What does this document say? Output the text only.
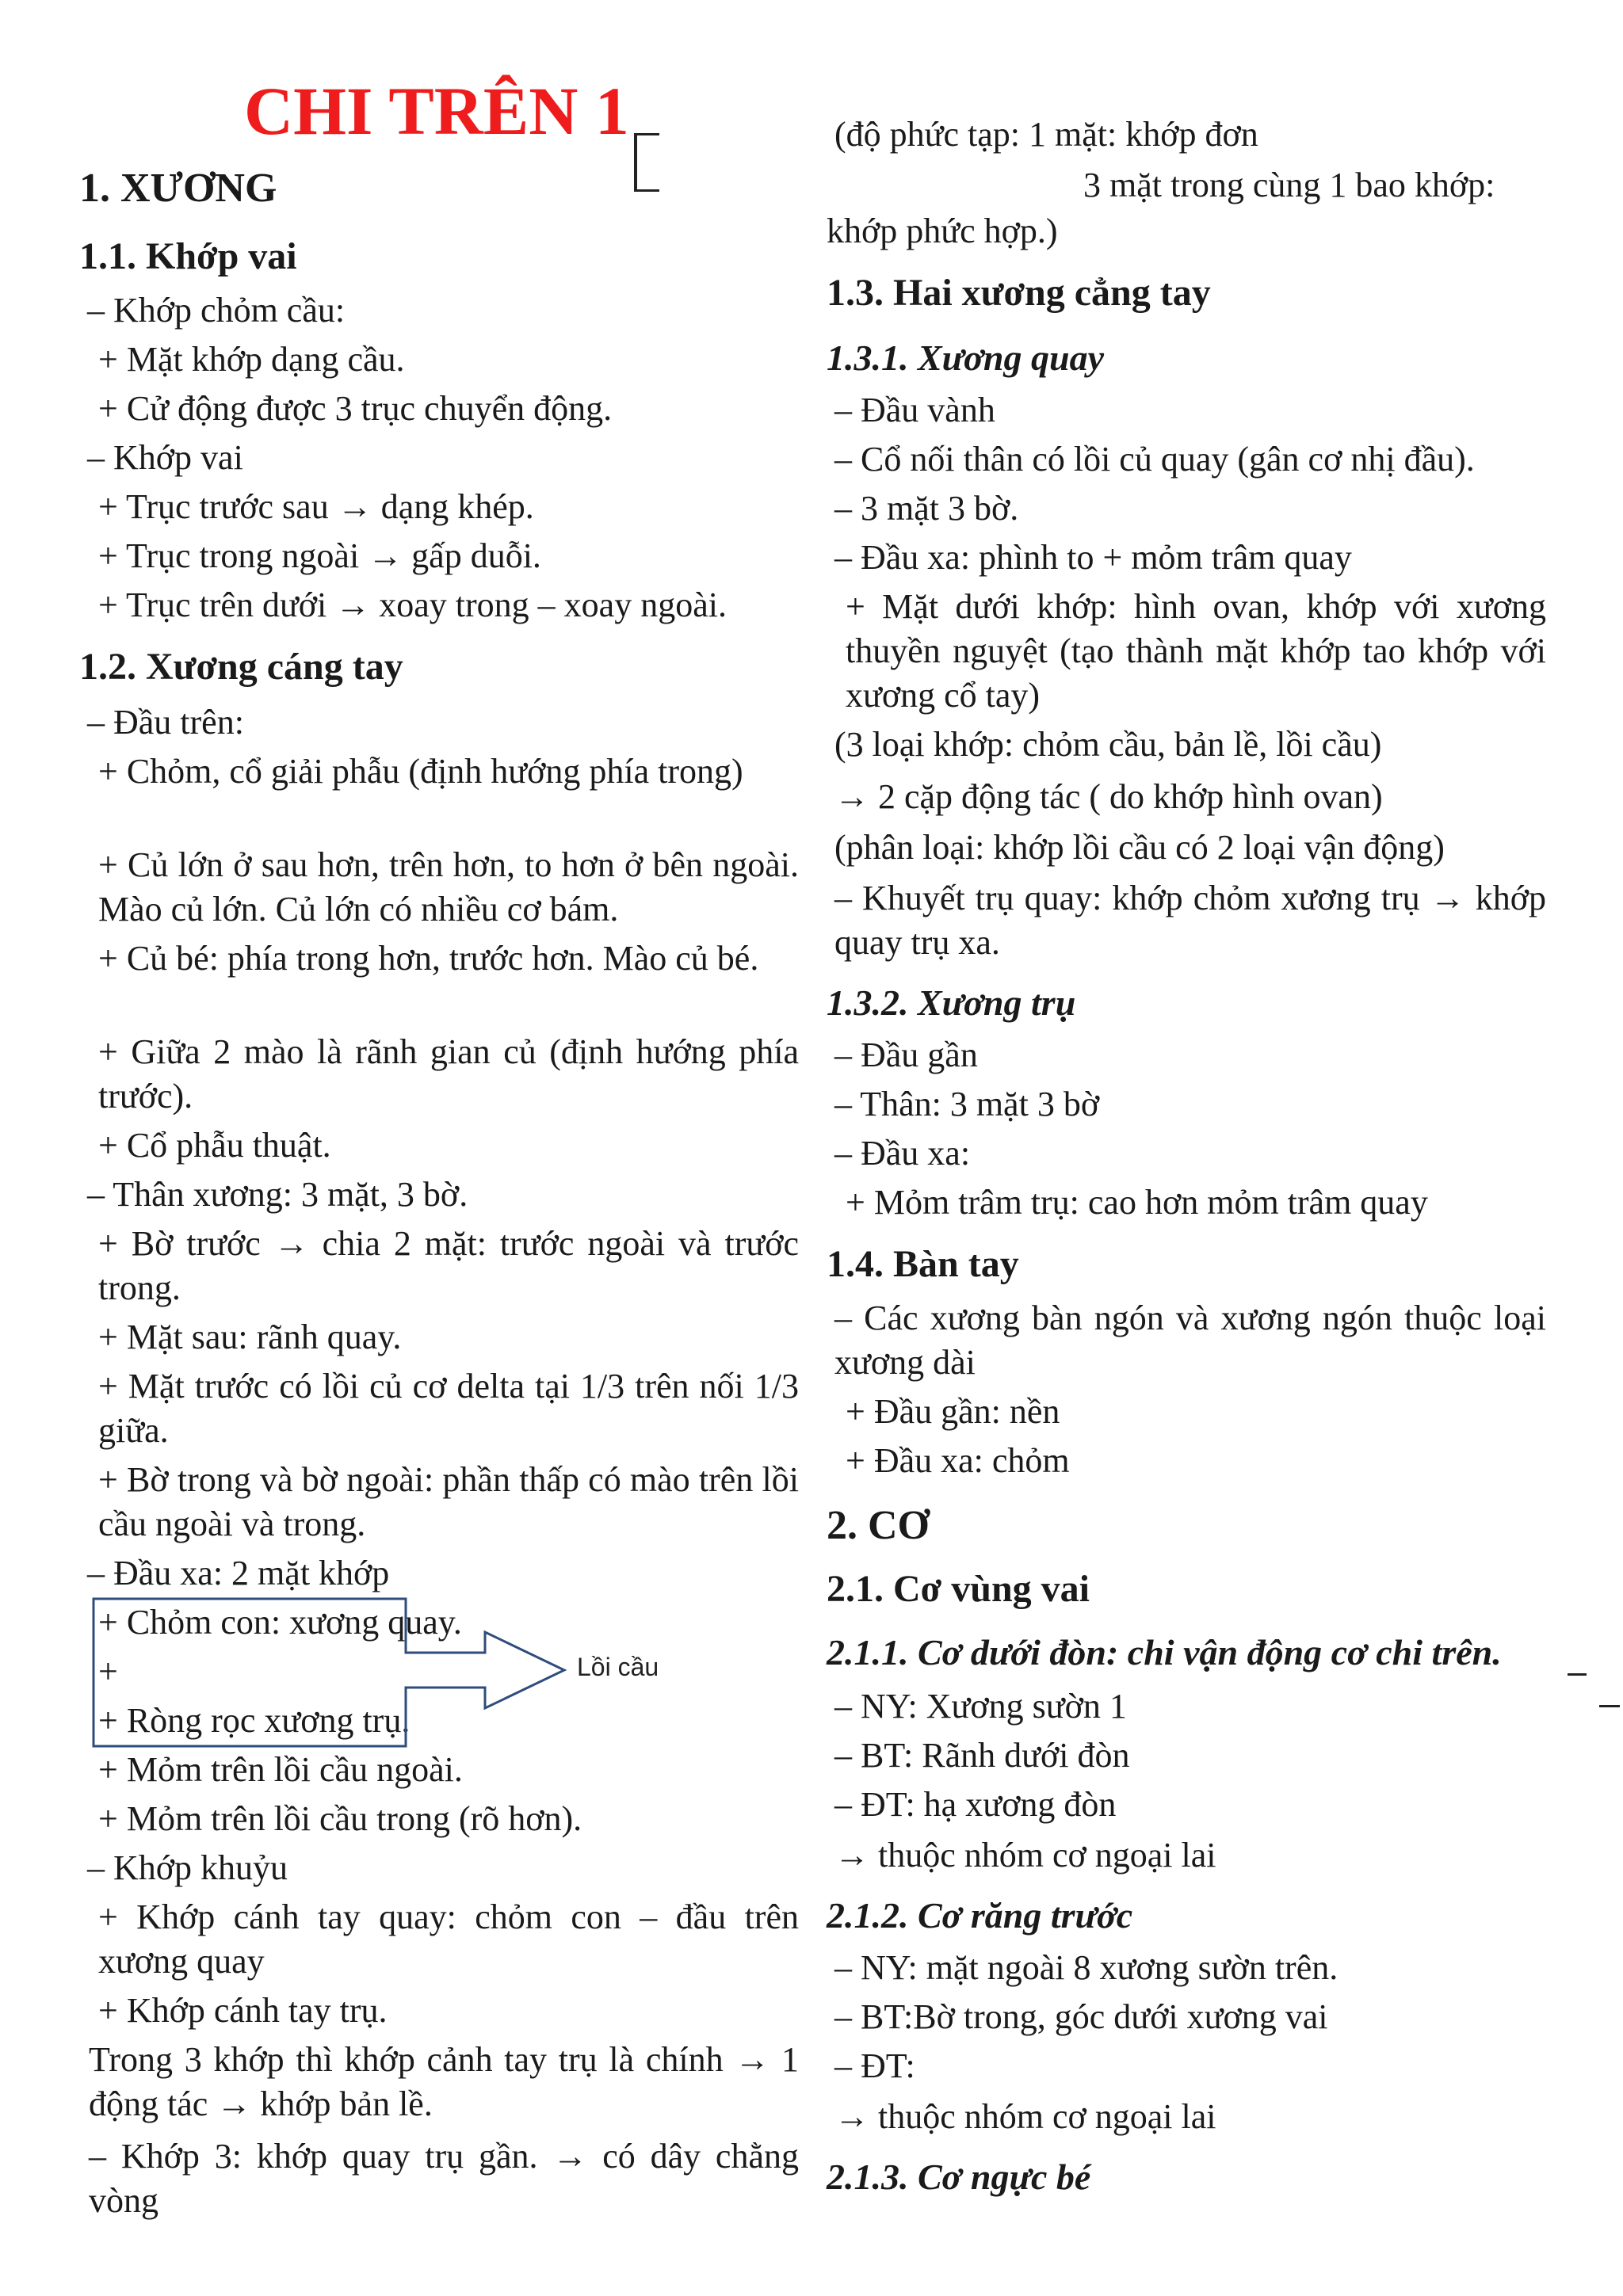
CHI TRÊN 1
1. XƯƠNG
1.1. Khớp vai
– Khớp chỏm cầu:
+ Mặt khớp dạng cầu.
+ Cử động được 3 trục chuyển động.
– Khớp vai
+ Trục trước sau → dạng khép.
+ Trục trong ngoài → gấp duỗi.
+ Trục trên dưới → xoay trong – xoay ngoài.
1.2. Xương cáng tay
– Đầu trên:
+ Chỏm, cổ giải phẫu (định hướng phía trong)
+ Củ lớn ở sau hơn, trên hơn, to hơn ở bên ngoài. Mào củ lớn. Củ lớn có nhiều cơ bám.
+ Củ bé: phía trong hơn, trước hơn. Mào củ bé.
+ Giữa 2 mào là rãnh gian củ (định hướng phía trước).
+ Cổ phẫu thuật.
– Thân xương: 3 mặt, 3 bờ.
+ Bờ trước → chia 2 mặt: trước ngoài và trước trong.
+ Mặt sau: rãnh quay.
+ Mặt trước có lồi củ cơ delta tại 1/3 trên nối 1/3 giữa.
+ Bờ trong và bờ ngoài: phần thấp có mào trên lồi cầu ngoài và trong.
– Đầu xa: 2 mặt khớp
+ Chỏm con: xương quay.
+
+ Ròng rọc xương trụ.
+ Mỏm trên lồi cầu ngoài.
+ Mỏm trên lồi cầu trong (rõ hơn).
– Khớp khuỷu
+ Khớp cánh tay quay: chỏm con – đầu trên xương quay
+ Khớp cánh tay trụ.
Trong 3 khớp thì khớp cảnh tay trụ là chính → 1 động tác → khớp bản lề.
– Khớp 3: khớp quay trụ gần. → có dây chằng vòng
Lồi cầu
(độ phức tạp: 1 mặt: khớp đơn
3 mặt trong cùng 1 bao khớp:
khớp phức hợp.)
1.3. Hai xương cẳng tay
1.3.1. Xương quay
– Đầu vành
– Cổ nối thân có lồi củ quay (gân cơ nhị đầu).
– 3 mặt 3 bờ.
– Đầu xa: phình to + mỏm trâm quay
+ Mặt dưới khớp: hình ovan, khớp với xương thuyền nguyệt (tạo thành mặt khớp tao khớp với xương cổ tay)
(3 loại khớp: chỏm cầu, bản lề, lồi cầu)
→ 2 cặp động tác ( do khớp hình ovan)
(phân loại: khớp lồi cầu có 2 loại vận động)
– Khuyết trụ quay: khớp chỏm xương trụ → khớp quay trụ xa.
1.3.2. Xương trụ
– Đầu gần
– Thân: 3 mặt 3 bờ
– Đầu xa:
+ Mỏm trâm trụ: cao hơn mỏm trâm quay
1.4. Bàn tay
– Các xương bàn ngón và xương ngón thuộc loại xương dài
+ Đầu gần: nền
+ Đầu xa: chỏm
2. CƠ
2.1. Cơ vùng vai
2.1.1. Cơ dưới đòn: chi vận động cơ chi trên.
– NY: Xương sườn 1
– BT: Rãnh dưới đòn
– ĐT: hạ xương đòn
→ thuộc nhóm cơ ngoại lai
2.1.2. Cơ răng trước
– NY: mặt ngoài 8 xương sườn trên.
– BT:Bờ trong, góc dưới xương vai
– ĐT:
→ thuộc nhóm cơ ngoại lai
2.1.3. Cơ ngực bé
